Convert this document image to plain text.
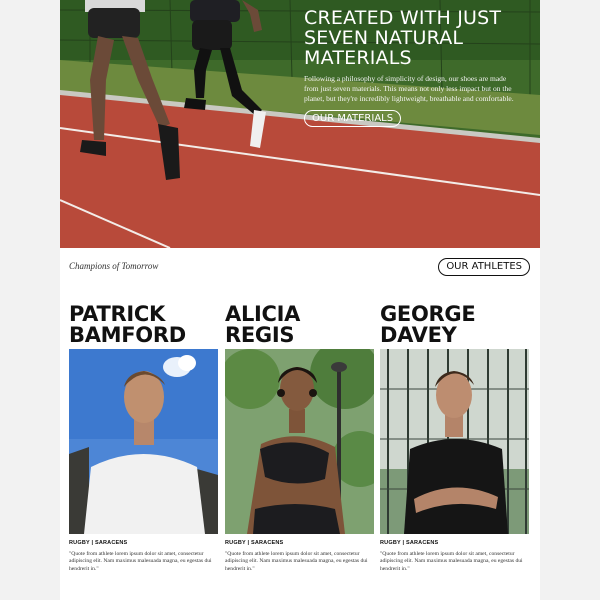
CREATED WITH JUST
SEVEN NATURAL
MATERIALS

Following a philosophy of simplicity of design, our shoes are made from just seven materials. This means not only less impact but on the planet, but they're incredibly lightweight, breathable and comfortable.

OUR MATERIALS
Champions of Tomorrow	OUR ATHLETES
PATRICK
BAMFORD

RUGBY | SARACENS

"Quote from athlete lorem ipsum dolor sit amet, consectetur adipiscing elit. Nam maximus malesuada magna, eu egestas dui hendrerit in."

ALICIA
REGIS

RUGBY | SARACENS

"Quote from athlete lorem ipsum dolor sit amet, consectetur adipiscing elit. Nam maximus malesuada magna, eu egestas dui hendrerit in."

GEORGE
DAVEY

RUGBY | SARACENS

"Quote from athlete lorem ipsum dolor sit amet, consectetur adipiscing elit. Nam maximus malesuada magna, eu egestas dui hendrerit in."
